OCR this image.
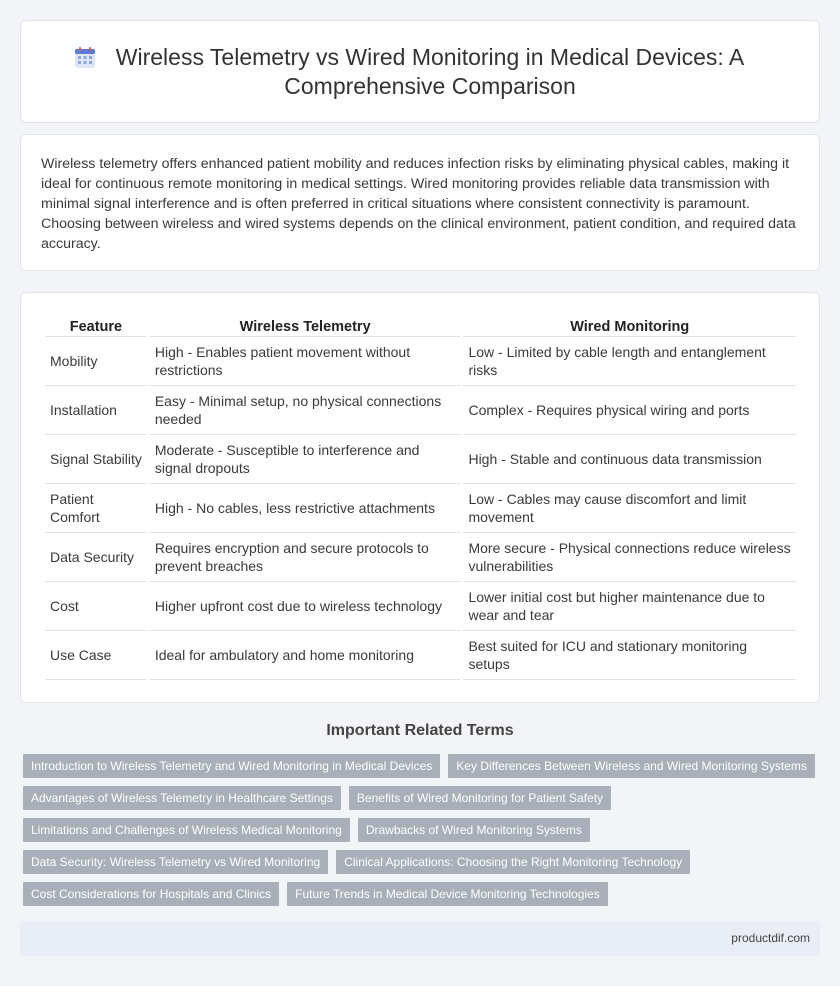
Wireless Telemetry vs Wired Monitoring in Medical Devices: A Comprehensive Comparison

Wireless telemetry offers enhanced patient mobility and reduces infection risks by eliminating physical cables, making it ideal for continuous remote monitoring in medical settings. Wired monitoring provides reliable data transmission with minimal signal interference and is often preferred in critical situations where consistent connectivity is paramount. Choosing between wireless and wired systems depends on the clinical environment, patient condition, and required data accuracy.

Feature	Wireless Telemetry	Wired Monitoring
Mobility	High - Enables patient movement without restrictions	Low - Limited by cable length and entanglement risks
Installation	Easy - Minimal setup, no physical connections needed	Complex - Requires physical wiring and ports
Signal Stability	Moderate - Susceptible to interference and signal dropouts	High - Stable and continuous data transmission
Patient Comfort	High - No cables, less restrictive attachments	Low - Cables may cause discomfort and limit movement
Data Security	Requires encryption and secure protocols to prevent breaches	More secure - Physical connections reduce wireless vulnerabilities
Cost	Higher upfront cost due to wireless technology	Lower initial cost but higher maintenance due to wear and tear
Use Case	Ideal for ambulatory and home monitoring	Best suited for ICU and stationary monitoring setups
Important Related Terms
Introduction to Wireless Telemetry and Wired Monitoring in Medical Devices	Key Differences Between Wireless and Wired Monitoring Systems
Advantages of Wireless Telemetry in Healthcare Settings	Benefits of Wired Monitoring for Patient Safety
Limitations and Challenges of Wireless Medical Monitoring	Drawbacks of Wired Monitoring Systems
Data Security: Wireless Telemetry vs Wired Monitoring	Clinical Applications: Choosing the Right Monitoring Technology
Cost Considerations for Hospitals and Clinics	Future Trends in Medical Device Monitoring Technologies
productdif.com
